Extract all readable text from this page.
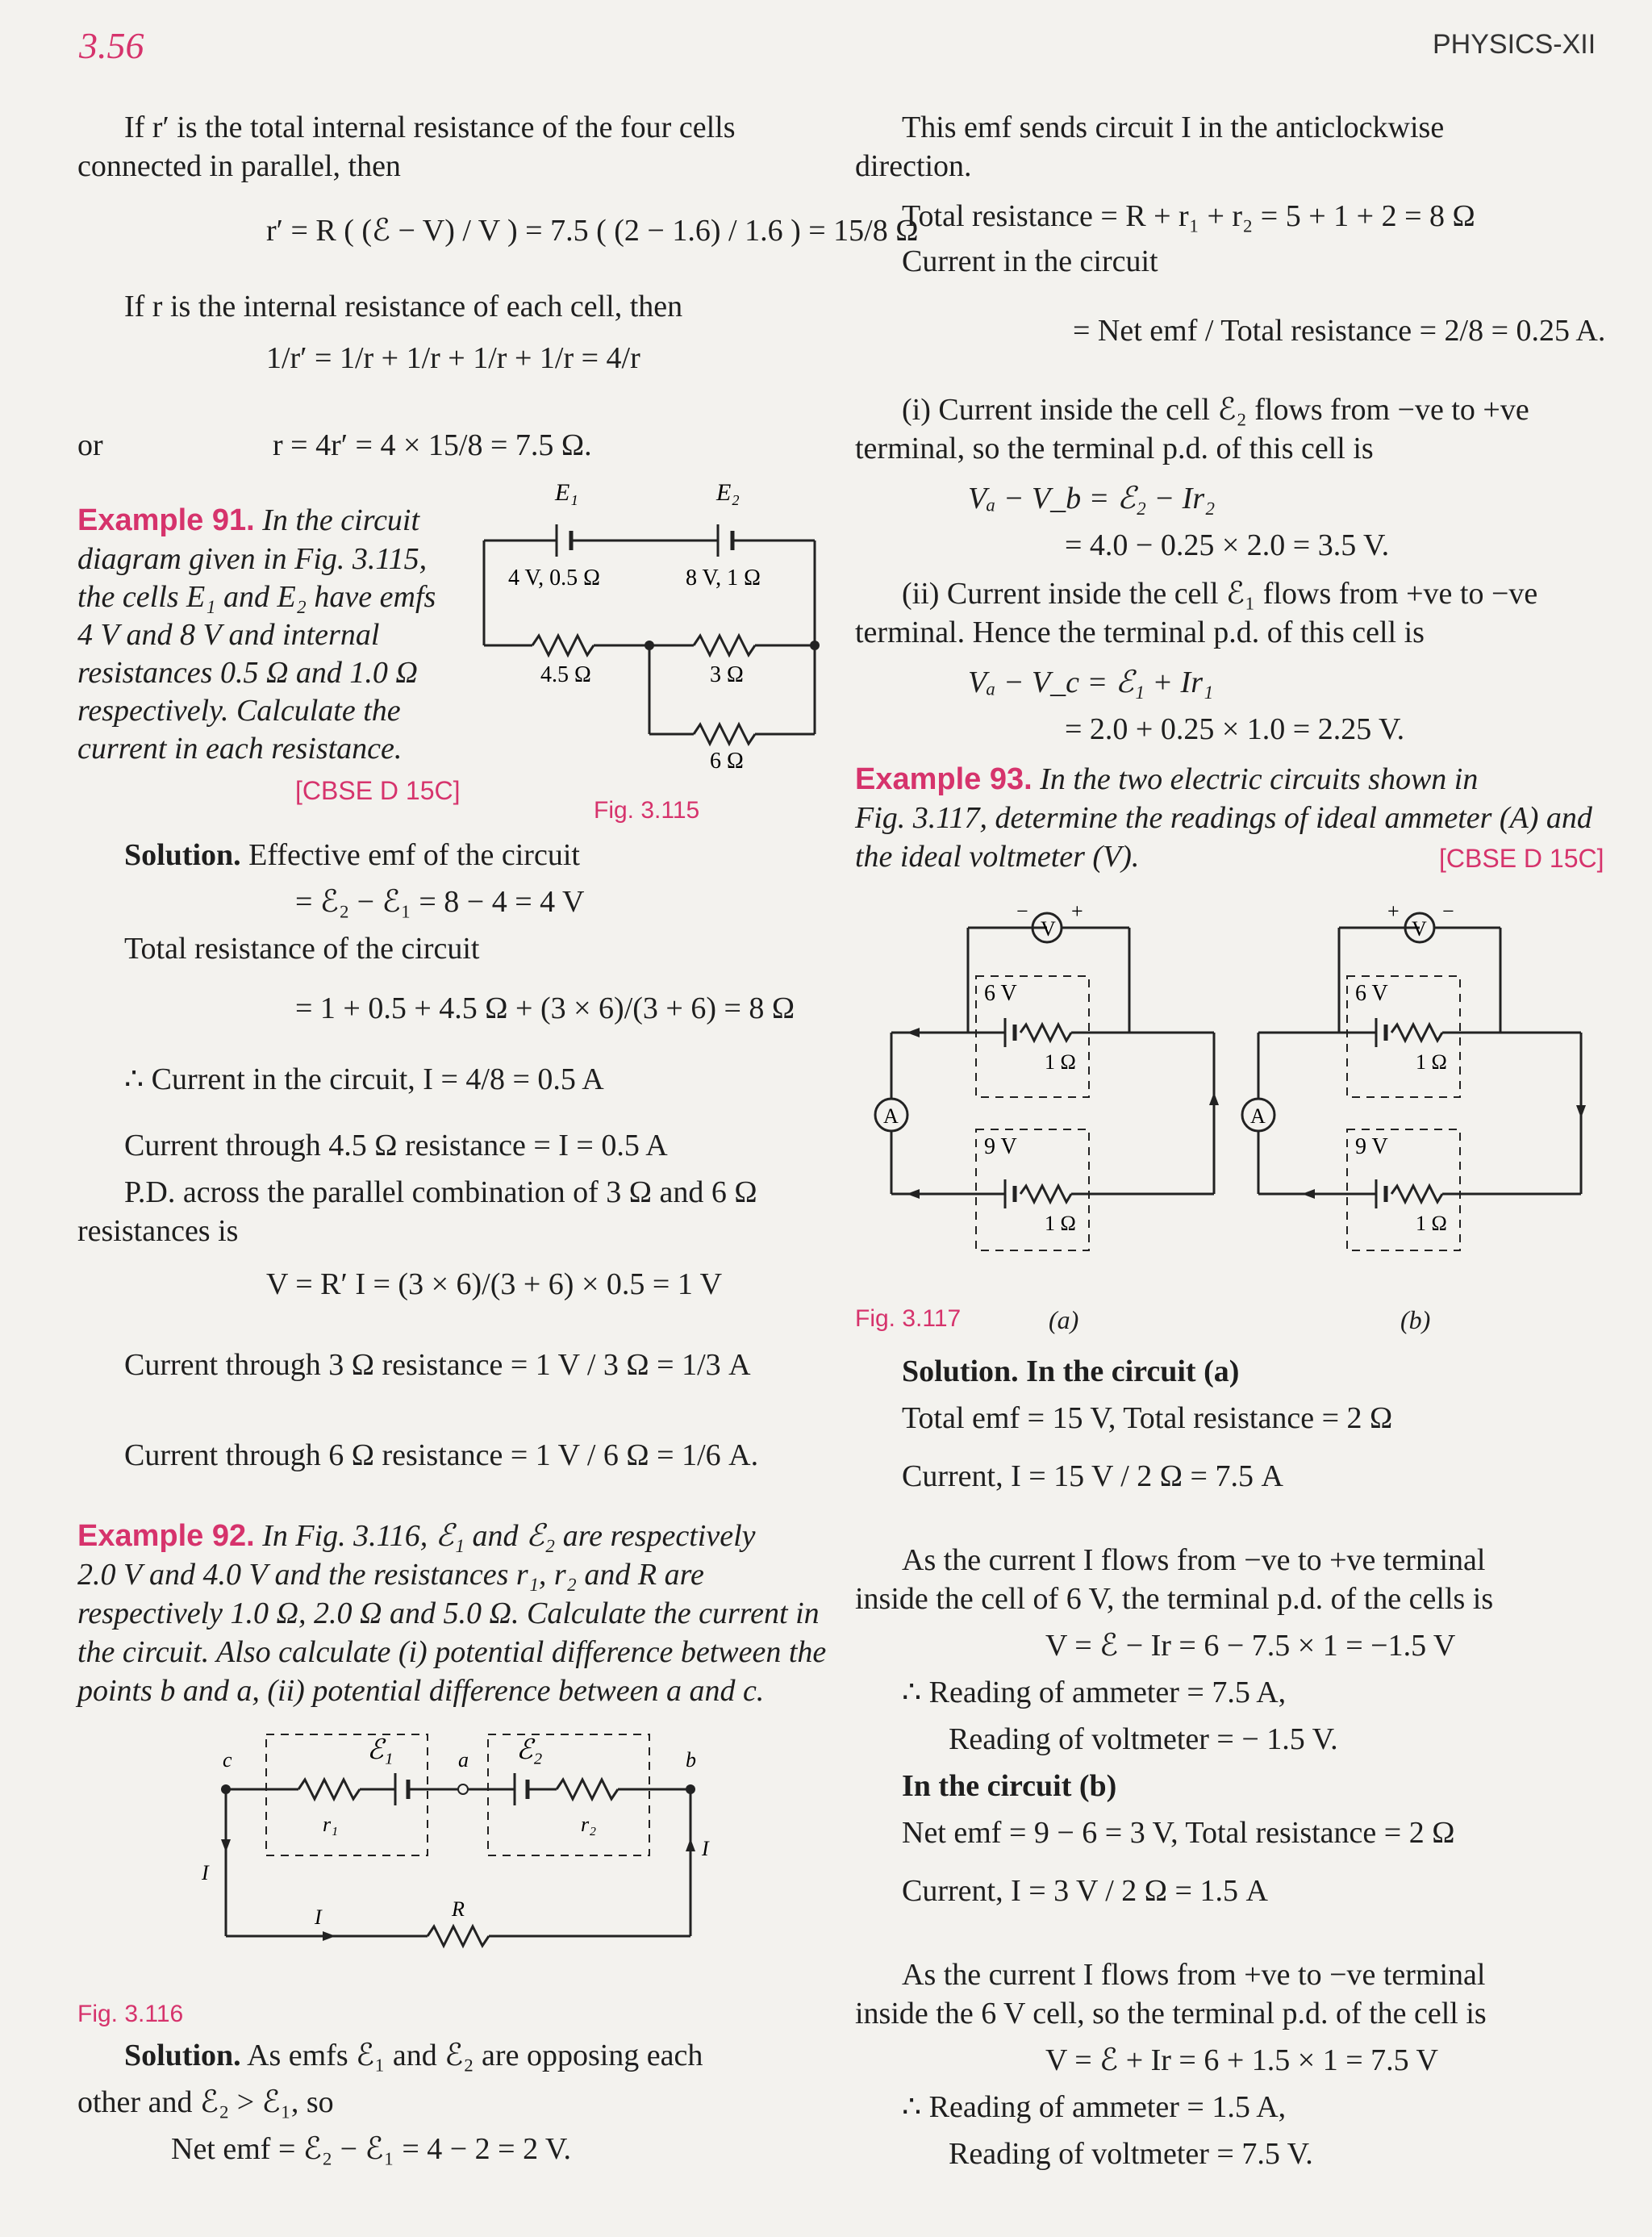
3.56	PHYSICS-XII
If r′ is the total internal resistance of the four cells
connected in parallel, then
r′ = R ( (ℰ − V) / V ) = 7.5 ( (2 − 1.6) / 1.6 ) = 15/8 Ω
If r is the internal resistance of each cell, then
1/r′ = 1/r + 1/r + 1/r + 1/r = 4/r
or	r = 4r′ = 4 × 15/8 = 7.5 Ω.
Example 91. In the circuit
diagram given in Fig. 3.115,
the cells E₁ and E₂ have emfs
4 V and 8 V and internal
resistances 0.5 Ω and 1.0 Ω
respectively. Calculate the
current in each resistance.
[CBSE D 15C]
E₁	E₂
4 V, 0.5 Ω	8 V, 1 Ω
4.5 Ω	3 Ω
6 Ω
Fig. 3.115
Solution. Effective emf of the circuit
= ℰ₂ − ℰ₁ = 8 − 4 = 4 V
Total resistance of the circuit
= 1 + 0.5 + 4.5 Ω + (3 × 6)/(3 + 6) = 8 Ω
∴ Current in the circuit, I = 4/8 = 0.5 A
Current through 4.5 Ω resistance = I = 0.5 A
P.D. across the parallel combination of 3 Ω and 6 Ω
resistances is
V = R′ I = (3 × 6)/(3 + 6) × 0.5 = 1 V
Current through 3 Ω resistance = 1 V / 3 Ω = 1/3 A
Current through 6 Ω resistance = 1 V / 6 Ω = 1/6 A.
Example 92. In Fig. 3.116, ℰ₁ and ℰ₂ are respectively
2.0 V and 4.0 V and the resistances r₁, r₂ and R are
respectively 1.0 Ω, 2.0 Ω and 5.0 Ω. Calculate the current in
the circuit. Also calculate (i) potential difference between the
points b and a, (ii) potential difference between a and c.
c	a	b
ℰ₁	ℰ₂
r₁	r₂
I
I
I	R
Fig. 3.116
Solution. As emfs ℰ₁ and ℰ₂ are opposing each
other and ℰ₂ > ℰ₁, so
Net emf = ℰ₂ − ℰ₁ = 4 − 2 = 2 V.
This emf sends circuit I in the anticlockwise
direction.
Total resistance = R + r₁ + r₂ = 5 + 1 + 2 = 8 Ω
Current in the circuit
= Net emf / Total resistance = 2/8 = 0.25 A.
(i) Current inside the cell ℰ₂ flows from −ve to +ve
terminal, so the terminal p.d. of this cell is
Vₐ − V_b = ℰ₂ − Ir₂
= 4.0 − 0.25 × 2.0 = 3.5 V.
(ii) Current inside the cell ℰ₁ flows from +ve to −ve
terminal. Hence the terminal p.d. of this cell is
Vₐ − V_c = ℰ₁ + Ir₁
= 2.0 + 0.25 × 1.0 = 2.25 V.
Example 93. In the two electric circuits shown in
Fig. 3.117, determine the readings of ideal ammeter (A) and
the ideal voltmeter (V).	[CBSE D 15C]
V	V
A	A
− +	+ −
6 V
9 V
6 V
9 V
1 Ω
1 Ω
1 Ω
1 Ω
Fig. 3.117	(a)	(b)
Solution. In the circuit (a)
Total emf = 15 V, Total resistance = 2 Ω
Current, I = 15 V / 2 Ω = 7.5 A
As the current I flows from −ve to +ve terminal
inside the cell of 6 V, the terminal p.d. of the cells is
V = ℰ − Ir = 6 − 7.5 × 1 = −1.5 V
∴ Reading of ammeter = 7.5 A,
Reading of voltmeter = − 1.5 V.
In the circuit (b)
Net emf = 9 − 6 = 3 V, Total resistance = 2 Ω
Current, I = 3 V / 2 Ω = 1.5 A
As the current I flows from +ve to −ve terminal
inside the 6 V cell, so the terminal p.d. of the cell is
V = ℰ + Ir = 6 + 1.5 × 1 = 7.5 V
∴ Reading of ammeter = 1.5 A,
Reading of voltmeter = 7.5 V.
